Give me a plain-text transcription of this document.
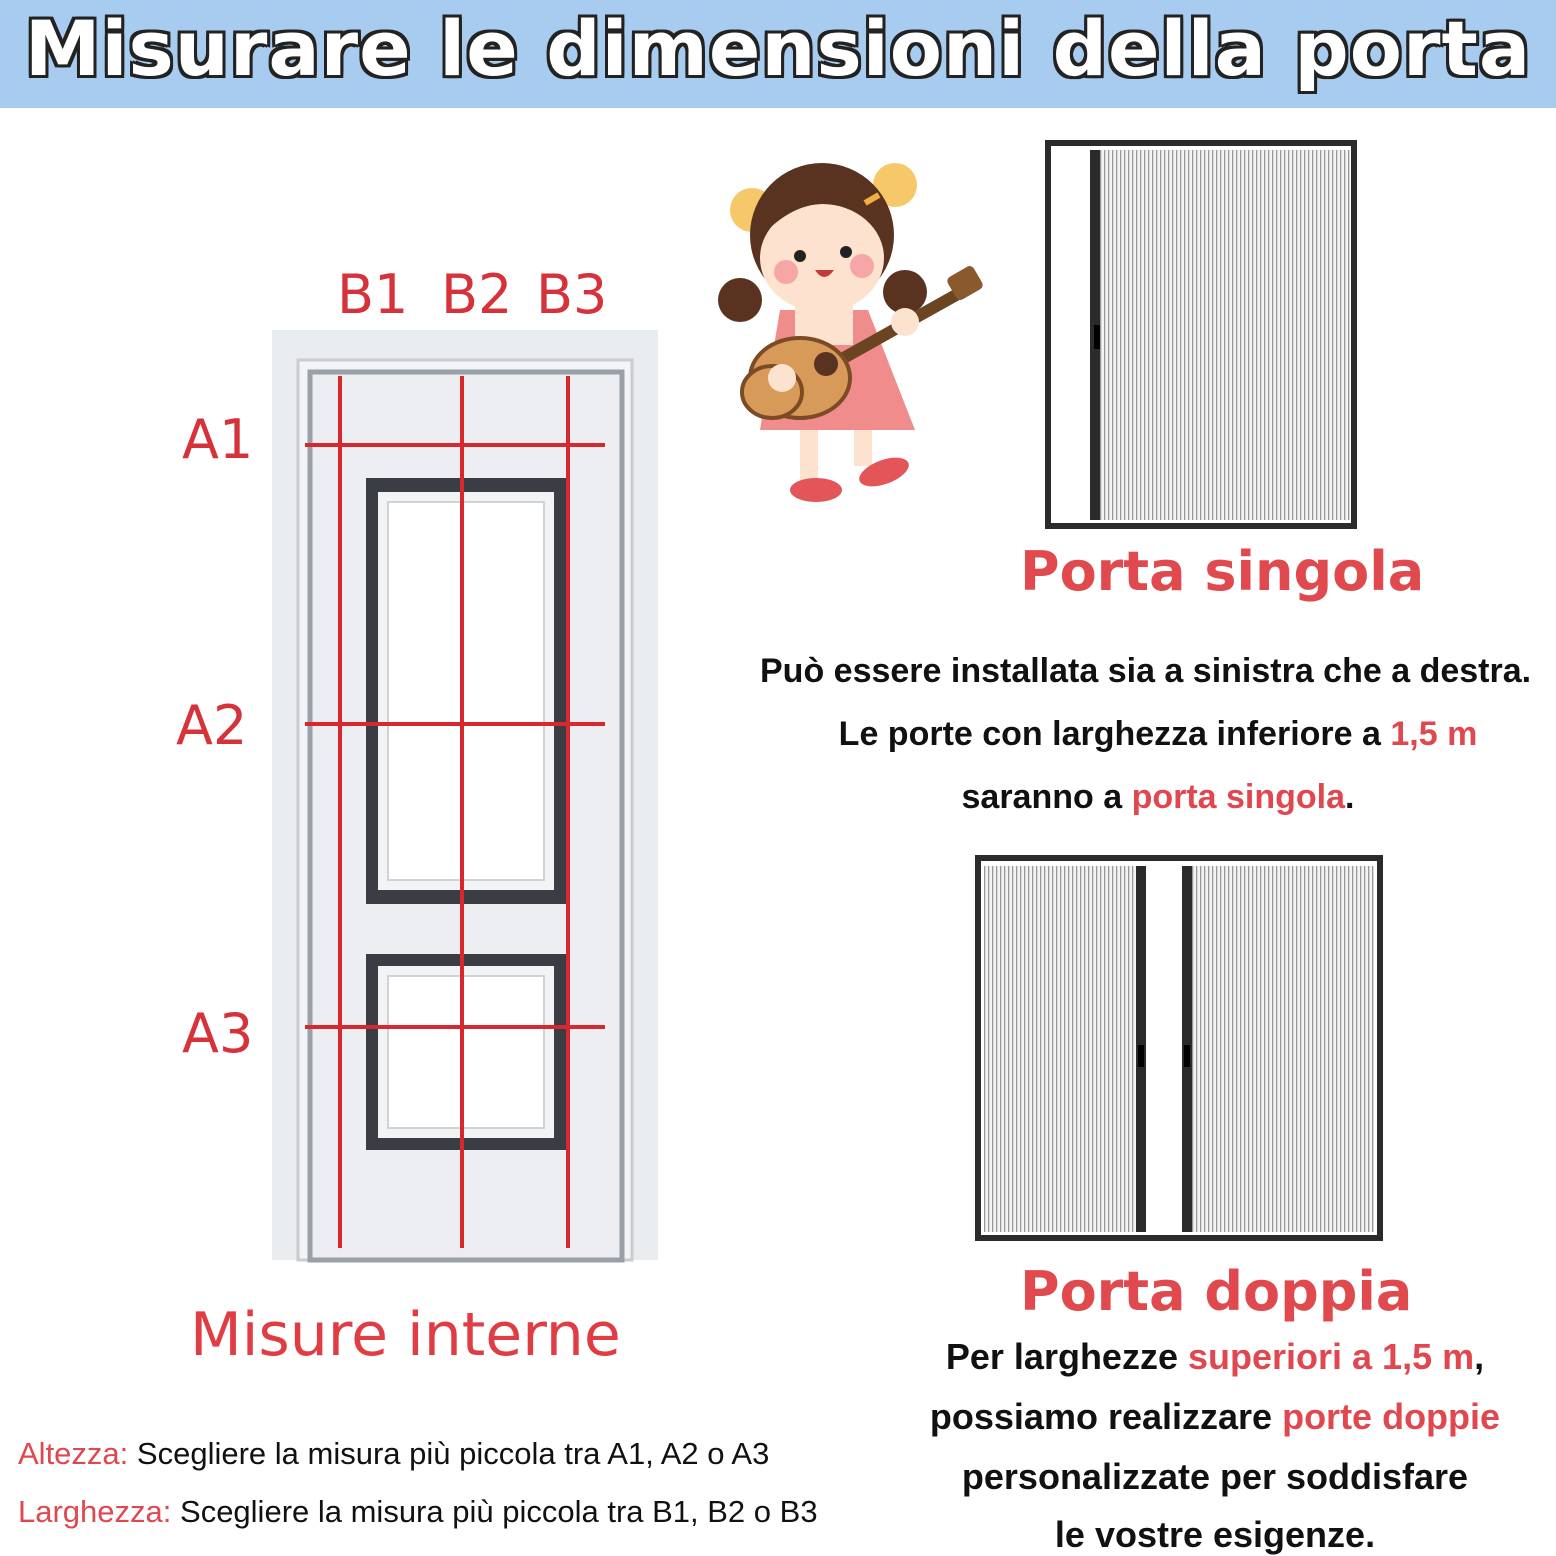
Misurare le dimensioni della porta
B1 B2 B3
A1
A2
A3
Misure interne
Altezza: Scegliere la misura più piccola tra A1, A2 o A3
Larghezza: Scegliere la misura più piccola tra B1, B2 o B3
Porta singola
Può essere installata sia a sinistra che a destra.
Le porte con larghezza inferiore a 1,5 m
saranno a porta singola.
Porta doppia
Per larghezze superiori a 1,5 m,
possiamo realizzare porte doppie
personalizzate per soddisfare
le vostre esigenze.
